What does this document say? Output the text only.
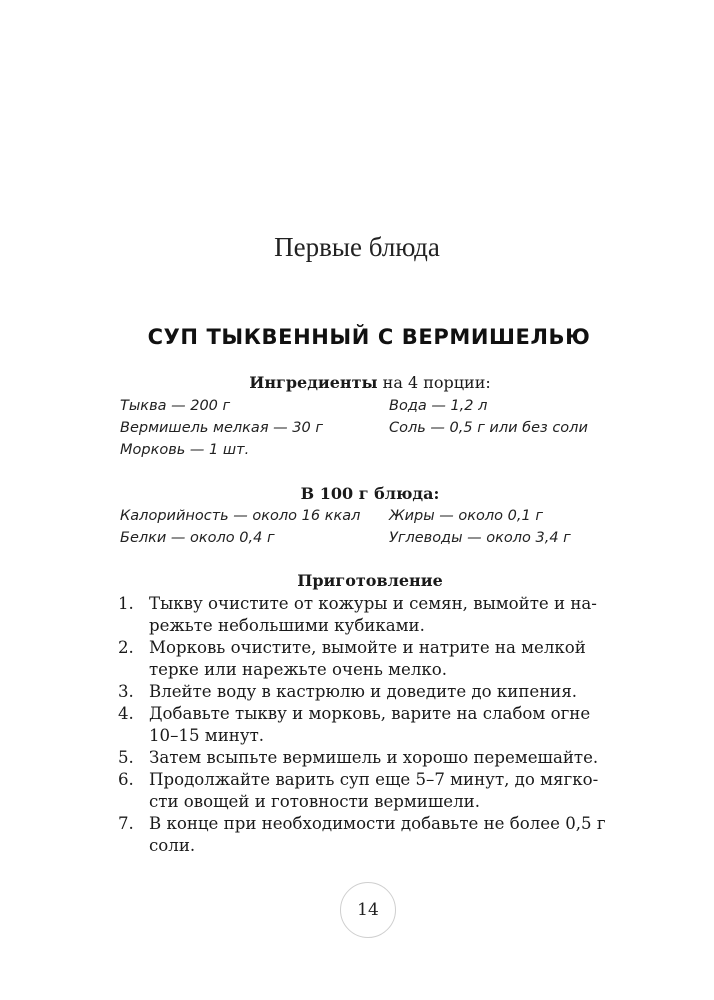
Первые блюда
СУП ТЫКВЕННЫЙ С ВЕРМИШЕЛЬЮ
Ингредиенты на 4 порции:
Тыква — 200 г
Вермишель мелкая — 30 г
Морковь — 1 шт.
Вода — 1,2 л
Соль — 0,5 г или без соли
В 100 г блюда:
Калорийность — около 16 ккал
Белки — около 0,4 г
Жиры — около 0,1 г
Углеводы — около 3,4 г
Приготовление
1. Тыкву очистите от кожуры и семян, вымойте и на-
режьте небольшими кубиками.
2. Морковь очистите, вымойте и натрите на мелкой
терке или нарежьте очень мелко.
3. Влейте воду в кастрюлю и доведите до кипения.
4. Добавьте тыкву и морковь, варите на слабом огне
10–15 минут.
5. Затем всыпьте вермишель и хорошо перемешайте.
6. Продолжайте варить суп еще 5–7 минут, до мягко-
сти овощей и готовности вермишели.
7. В конце при необходимости добавьте не более 0,5 г
соли.
14
